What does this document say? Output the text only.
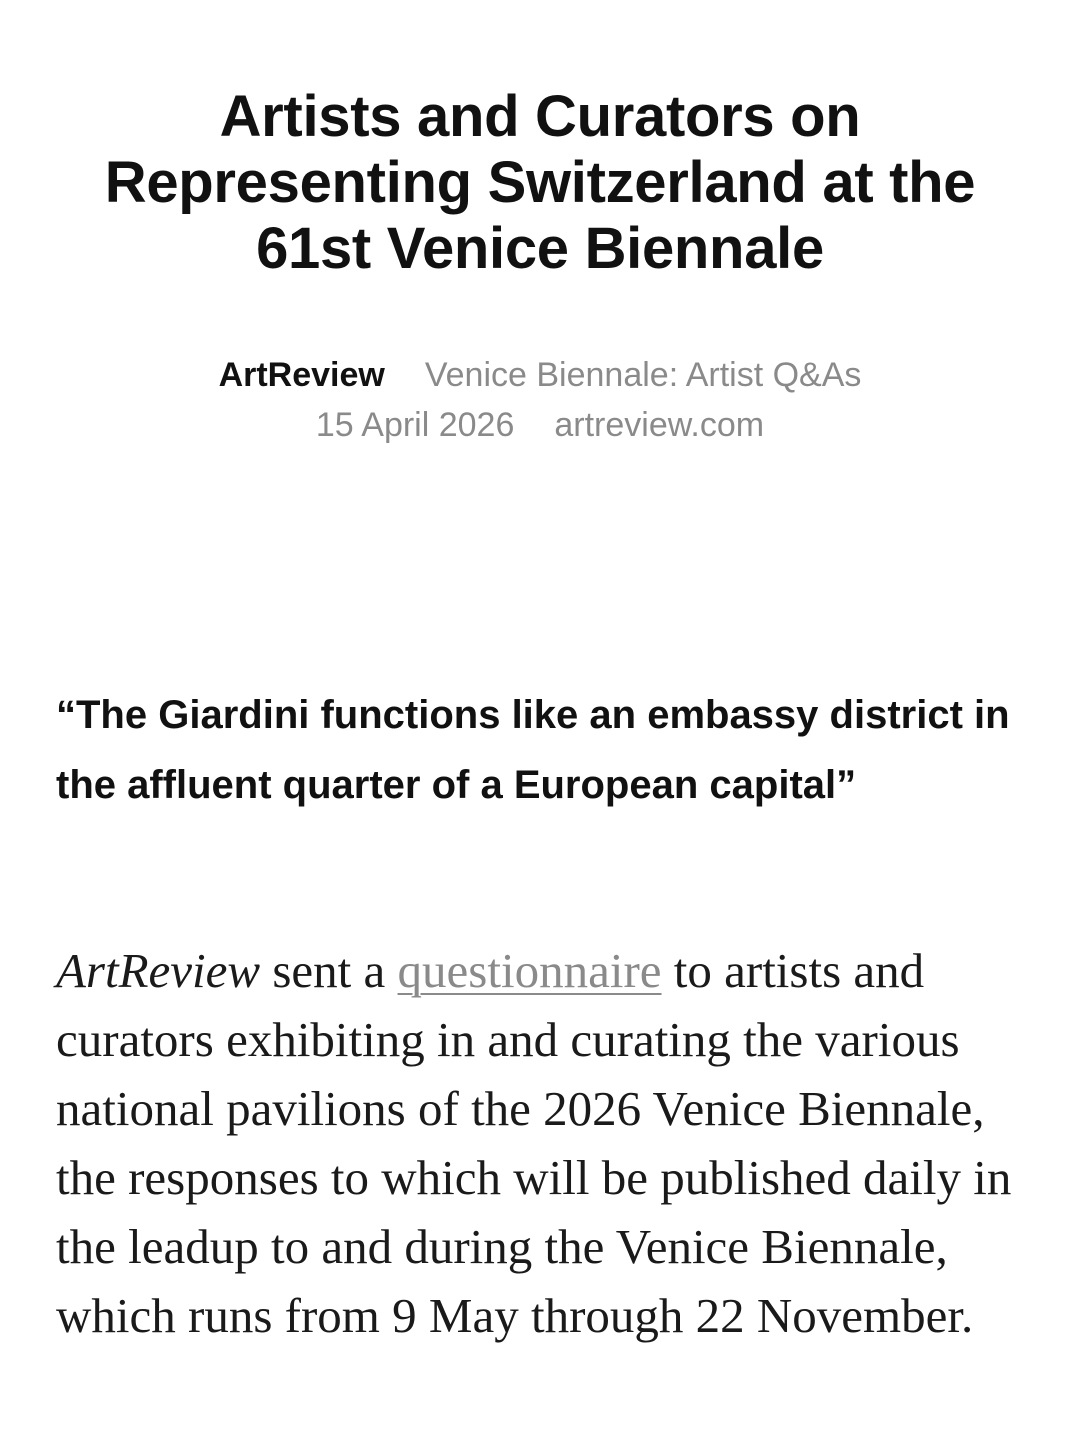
Artists and Curators on Representing Switzerland at the 61st Venice Biennale
ArtReview Venice Biennale: Artist Q&As
15 April 2026 artreview.com

“The Giardini functions like an embassy district in the affluent quarter of a European capital”

ArtReview sent a questionnaire to artists and curators exhibiting in and curating the various national pavilions of the 2026 Venice Biennale, the responses to which will be published daily in the leadup to and during the Venice Biennale, which runs from 9 May through 22 November.
